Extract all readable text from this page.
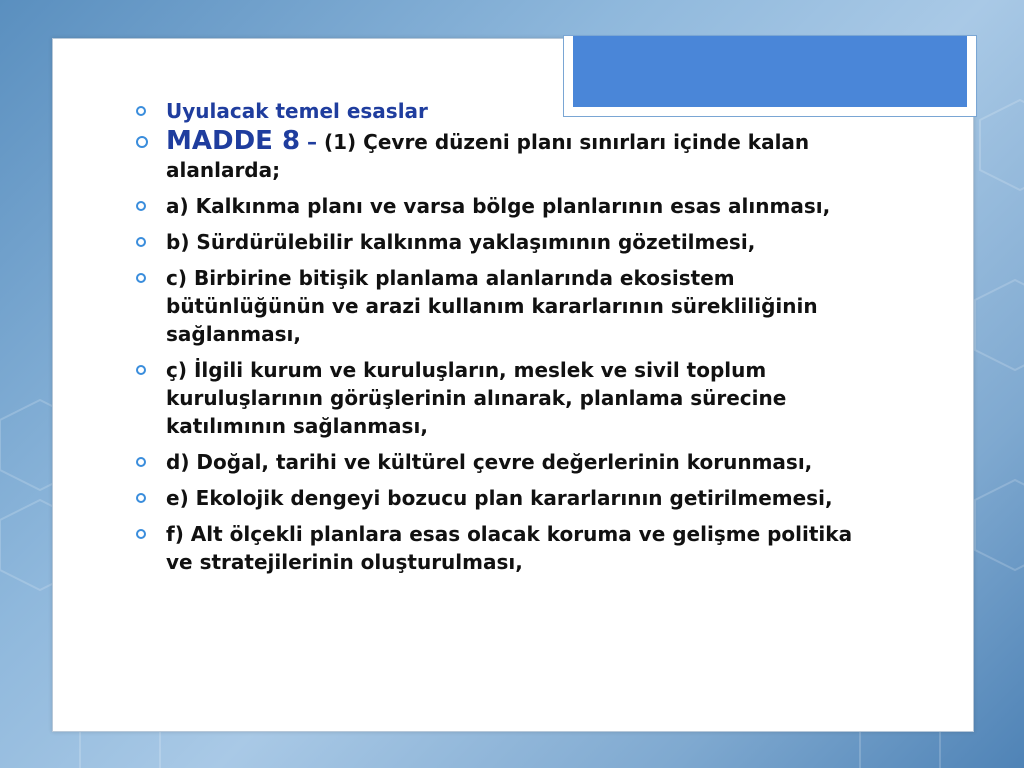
Uyulacak temel esaslar
MADDE 8 – (1) Çevre düzeni planı sınırları içinde kalan alanlarda;
a) Kalkınma planı ve varsa bölge planlarının esas alınması,
b) Sürdürülebilir kalkınma yaklaşımının gözetilmesi,
c) Birbirine bitişik planlama alanlarında ekosistem bütünlüğünün ve arazi kullanım kararlarının sürekliliğinin sağlanması,
ç) İlgili kurum ve kuruluşların, meslek ve sivil toplum kuruluşlarının görüşlerinin alınarak, planlama sürecine katılımının sağlanması,
d) Doğal, tarihi ve kültürel çevre değerlerinin korunması,
e) Ekolojik dengeyi bozucu plan kararlarının getirilmemesi,
f) Alt ölçekli planlara esas olacak koruma ve gelişme politika ve stratejilerinin oluşturulması,
